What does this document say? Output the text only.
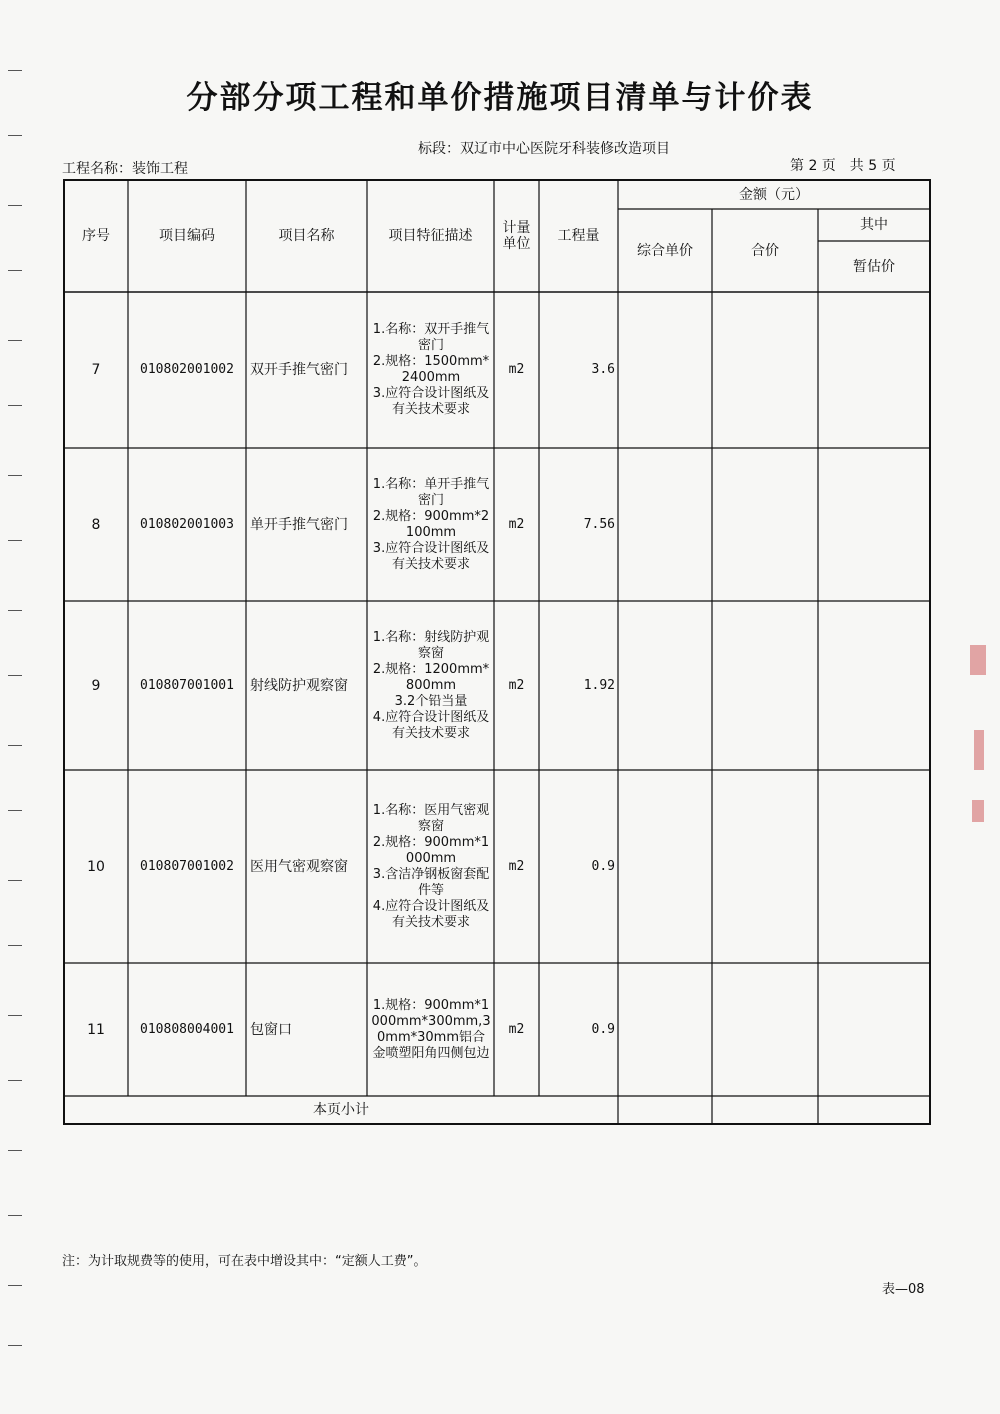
分部分项工程和单价措施项目清单与计价表
工程名称：装饰工程
标段：双辽市中心医院牙科装修改造项目
第 2 页　共 5 页
序号	项目编码	项目名称	项目特征描述	计量
单位	工程量
金额（元）
综合单价	合价
其中
暂估价
7	010802001002	双开手推气密门
1.名称：双开手推气密门
2.规格：1500mm*2400mm
3.应符合设计图纸及有关技术要求
m2	3.6
8	010802001003	单开手推气密门
1.名称：单开手推气密门
2.规格：900mm*2100mm
3.应符合设计图纸及有关技术要求
m2	7.56
9	010807001001	射线防护观察窗
1.名称：射线防护观察窗
2.规格：1200mm*800mm
3.2个铅当量
4.应符合设计图纸及有关技术要求
m2	1.92
10	010807001002	医用气密观察窗
1.名称：医用气密观察窗
2.规格：900mm*1000mm
3.含洁净钢板窗套配件等
4.应符合设计图纸及有关技术要求
m2	0.9
11	010808004001	包窗口
1.规格：900mm*1000mm*300mm,30mm*30mm铝合金喷塑阳角四侧包边
m2	0.9
本页小计
注：为计取规费等的使用，可在表中增设其中：“定额人工费”。
表—08
